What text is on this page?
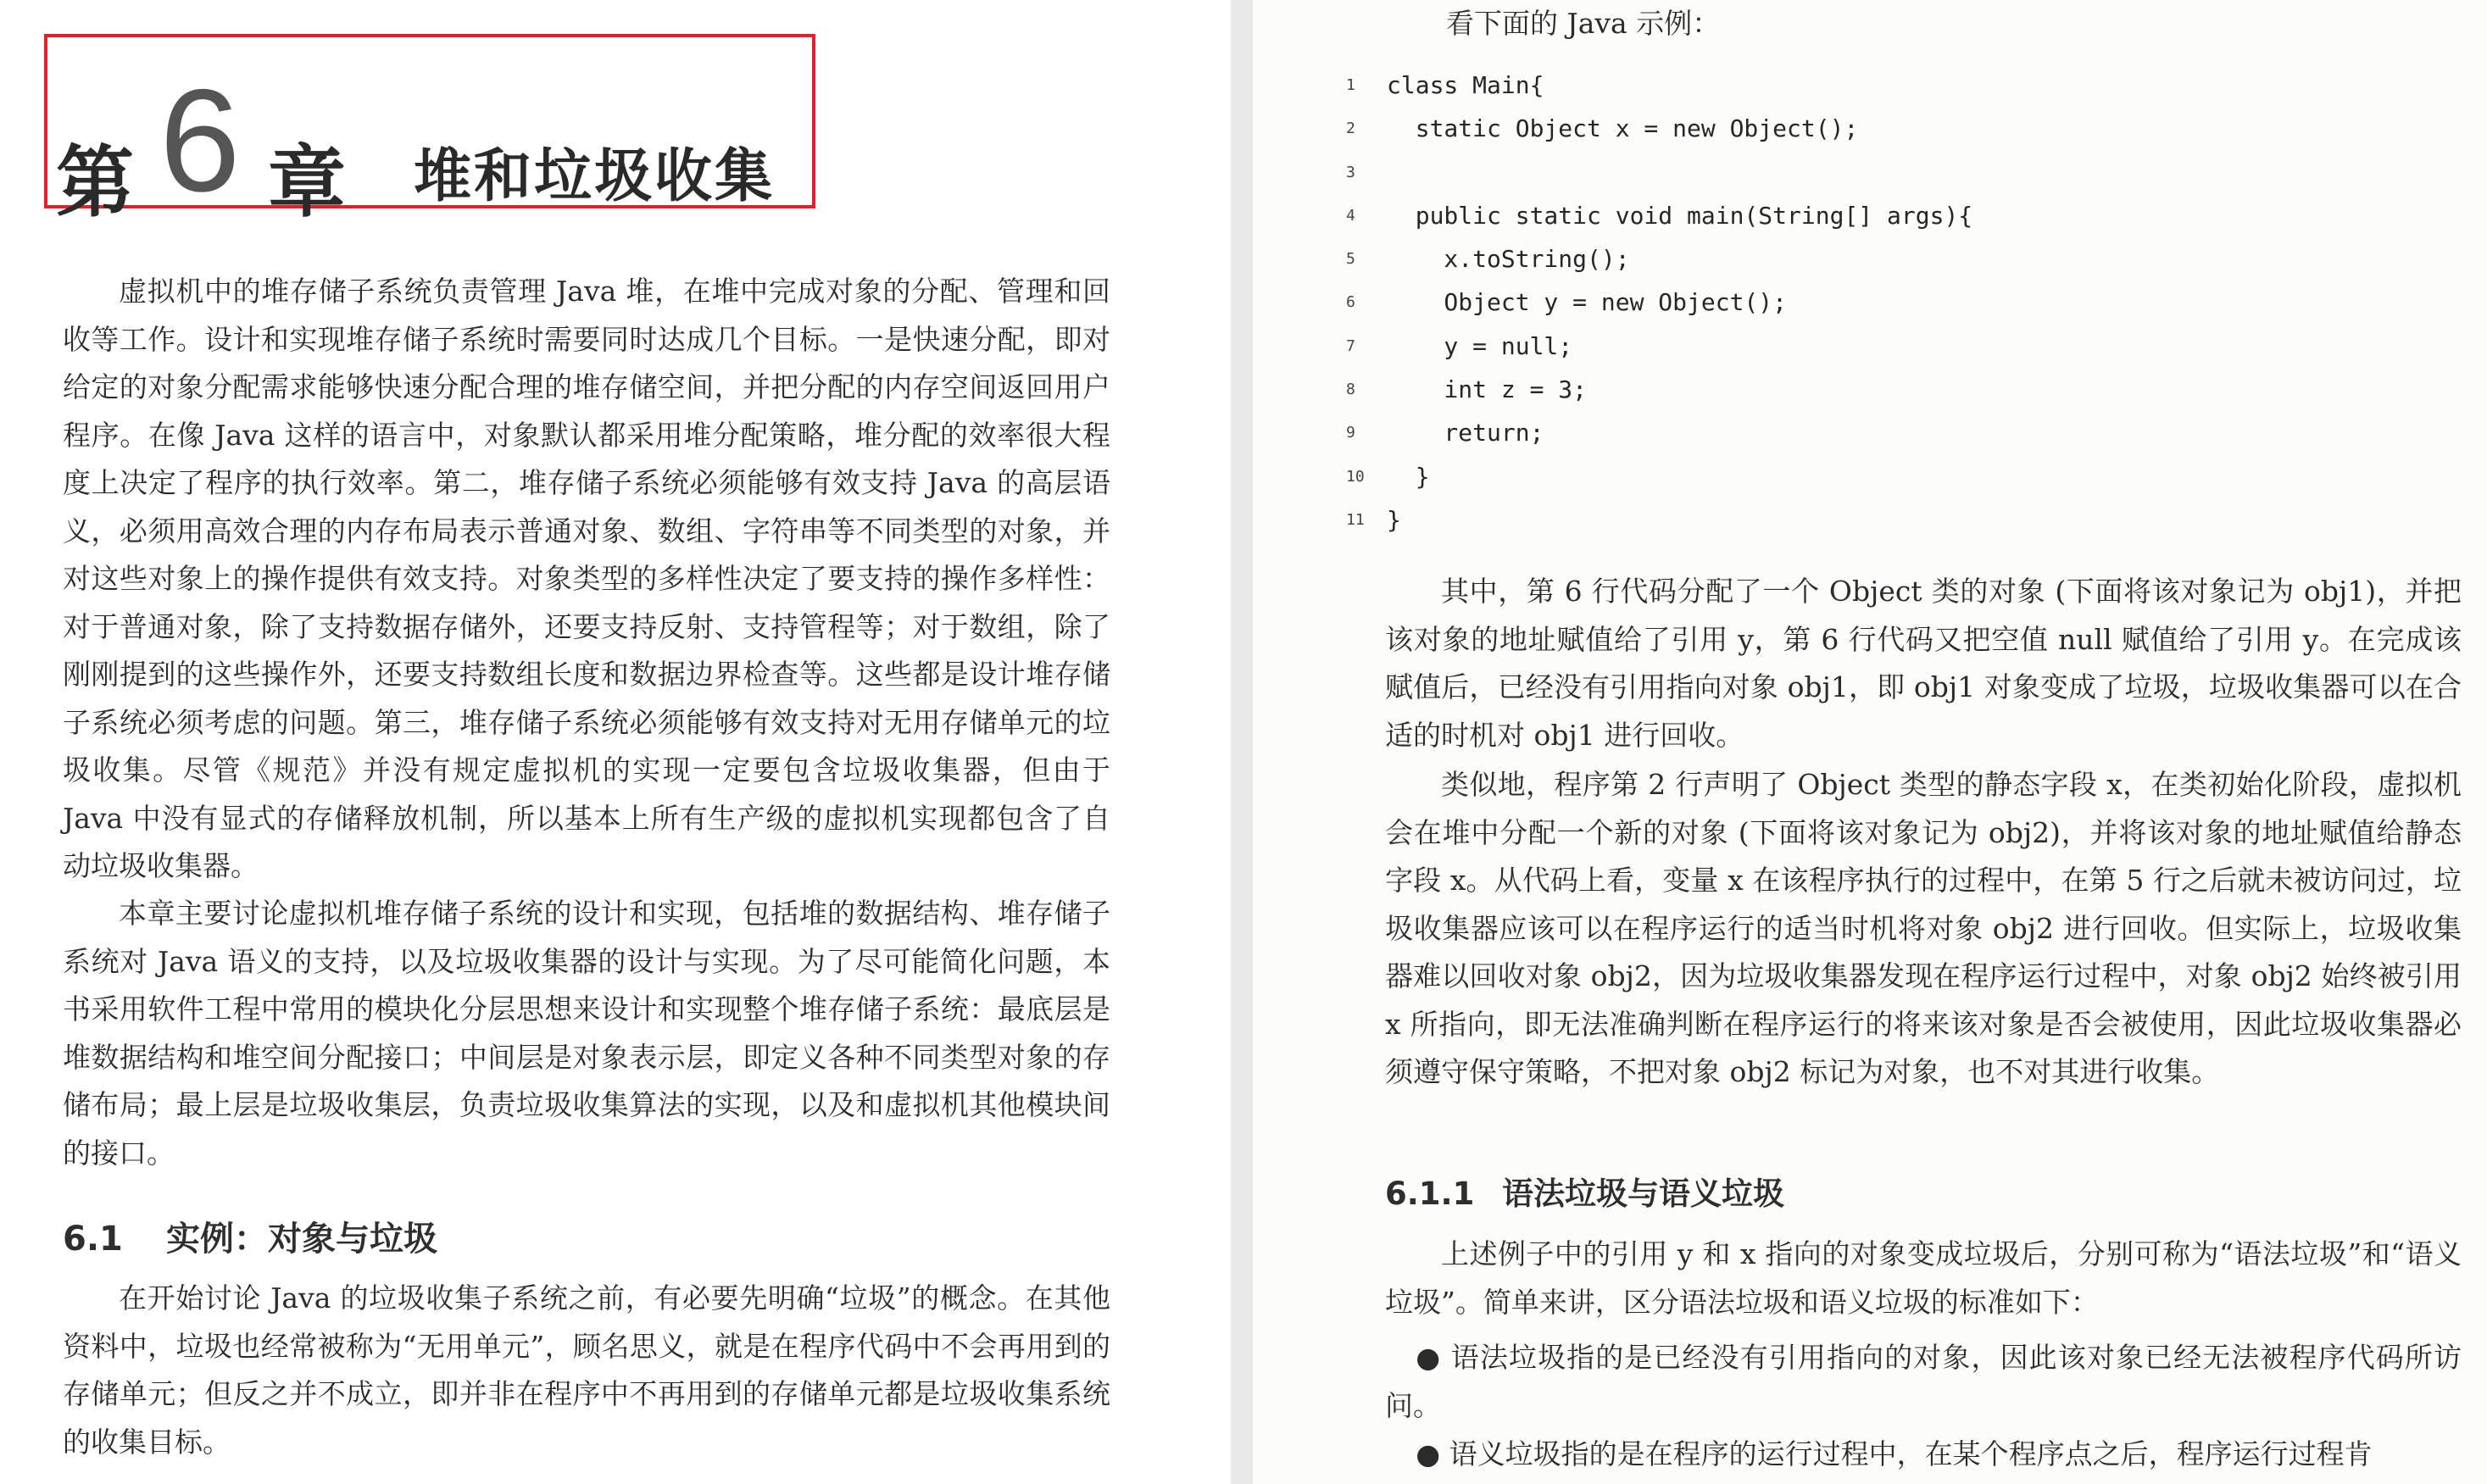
第 6 章 堆和垃圾收集

虚拟机中的堆存储子系统负责管理 Java 堆，在堆中完成对象的分配、管理和回收等工作。设计和实现堆存储子系统时需要同时达成几个目标。一是快速分配，即对给定的对象分配需求能够快速分配合理的堆存储空间，并把分配的内存空间返回用户程序。在像 Java 这样的语言中，对象默认都采用堆分配策略，堆分配的效率很大程度上决定了程序的执行效率。第二，堆存储子系统必须能够有效支持 Java 的高层语义，必须用高效合理的内存布局表示普通对象、数组、字符串等不同类型的对象，并对这些对象上的操作提供有效支持。对象类型的多样性决定了要支持的操作多样性：对于普通对象，除了支持数据存储外，还要支持反射、支持管程等；对于数组，除了刚刚提到的这些操作外，还要支持数组长度和数据边界检查等。这些都是设计堆存储子系统必须考虑的问题。第三，堆存储子系统必须能够有效支持对无用存储单元的垃圾收集。尽管《规范》并没有规定虚拟机的实现一定要包含垃圾收集器，但由于 Java 中没有显式的存储释放机制，所以基本上所有生产级的虚拟机实现都包含了自动垃圾收集器。

本章主要讨论虚拟机堆存储子系统的设计和实现，包括堆的数据结构、堆存储子系统对 Java 语义的支持，以及垃圾收集器的设计与实现。为了尽可能简化问题，本书采用软件工程中常用的模块化分层思想来设计和实现整个堆存储子系统：最底层是堆数据结构和堆空间分配接口；中间层是对象表示层，即定义各种不同类型对象的存储布局；最上层是垃圾收集层，负责垃圾收集算法的实现，以及和虚拟机其他模块间的接口。

6.1 实例：对象与垃圾

在开始讨论 Java 的垃圾收集子系统之前，有必要先明确“垃圾”的概念。在其他资料中，垃圾也经常被称为“无用单元”，顾名思义，就是在程序代码中不会再用到的存储单元；但反之并不成立，即并非在程序中不再用到的存储单元都是垃圾收集系统的收集目标。

看下面的 Java 示例：

1	class Main{
2	static Object x = new Object();
3
4	public static void main(String[] args){
5	x.toString();
6	Object y = new Object();
7	y = null;
8	int z = 3;
9	return;
10 }
11 }

其中，第 6 行代码分配了一个 Object 类的对象 (下面将该对象记为 obj1)，并把该对象的地址赋值给了引用 y，第 6 行代码又把空值 null 赋值给了引用 y。在完成该赋值后，已经没有引用指向对象 obj1，即 obj1 对象变成了垃圾，垃圾收集器可以在合适的时机对 obj1 进行回收。

类似地，程序第 2 行声明了 Object 类型的静态字段 x，在类初始化阶段，虚拟机会在堆中分配一个新的对象 (下面将该对象记为 obj2)，并将该对象的地址赋值给静态字段 x。从代码上看，变量 x 在该程序执行的过程中，在第 5 行之后就未被访问过，垃圾收集器应该可以在程序运行的适当时机将对象 obj2 进行回收。但实际上，垃圾收集器难以回收对象 obj2，因为垃圾收集器发现在程序运行过程中，对象 obj2 始终被引用 x 所指向，即无法准确判断在程序运行的将来该对象是否会被使用，因此垃圾收集器必须遵守保守策略，不把对象 obj2 标记为对象，也不对其进行收集。

6.1.1 语法垃圾与语义垃圾

上述例子中的引用 y 和 x 指向的对象变成垃圾后，分别可称为“语法垃圾”和“语义垃圾”。简单来讲，区分语法垃圾和语义垃圾的标准如下：

● 语法垃圾指的是已经没有引用指向的对象，因此该对象已经无法被程序代码所访问。

● 语义垃圾指的是在程序的运行过程中，在某个程序点之后，程序运行过程肯
